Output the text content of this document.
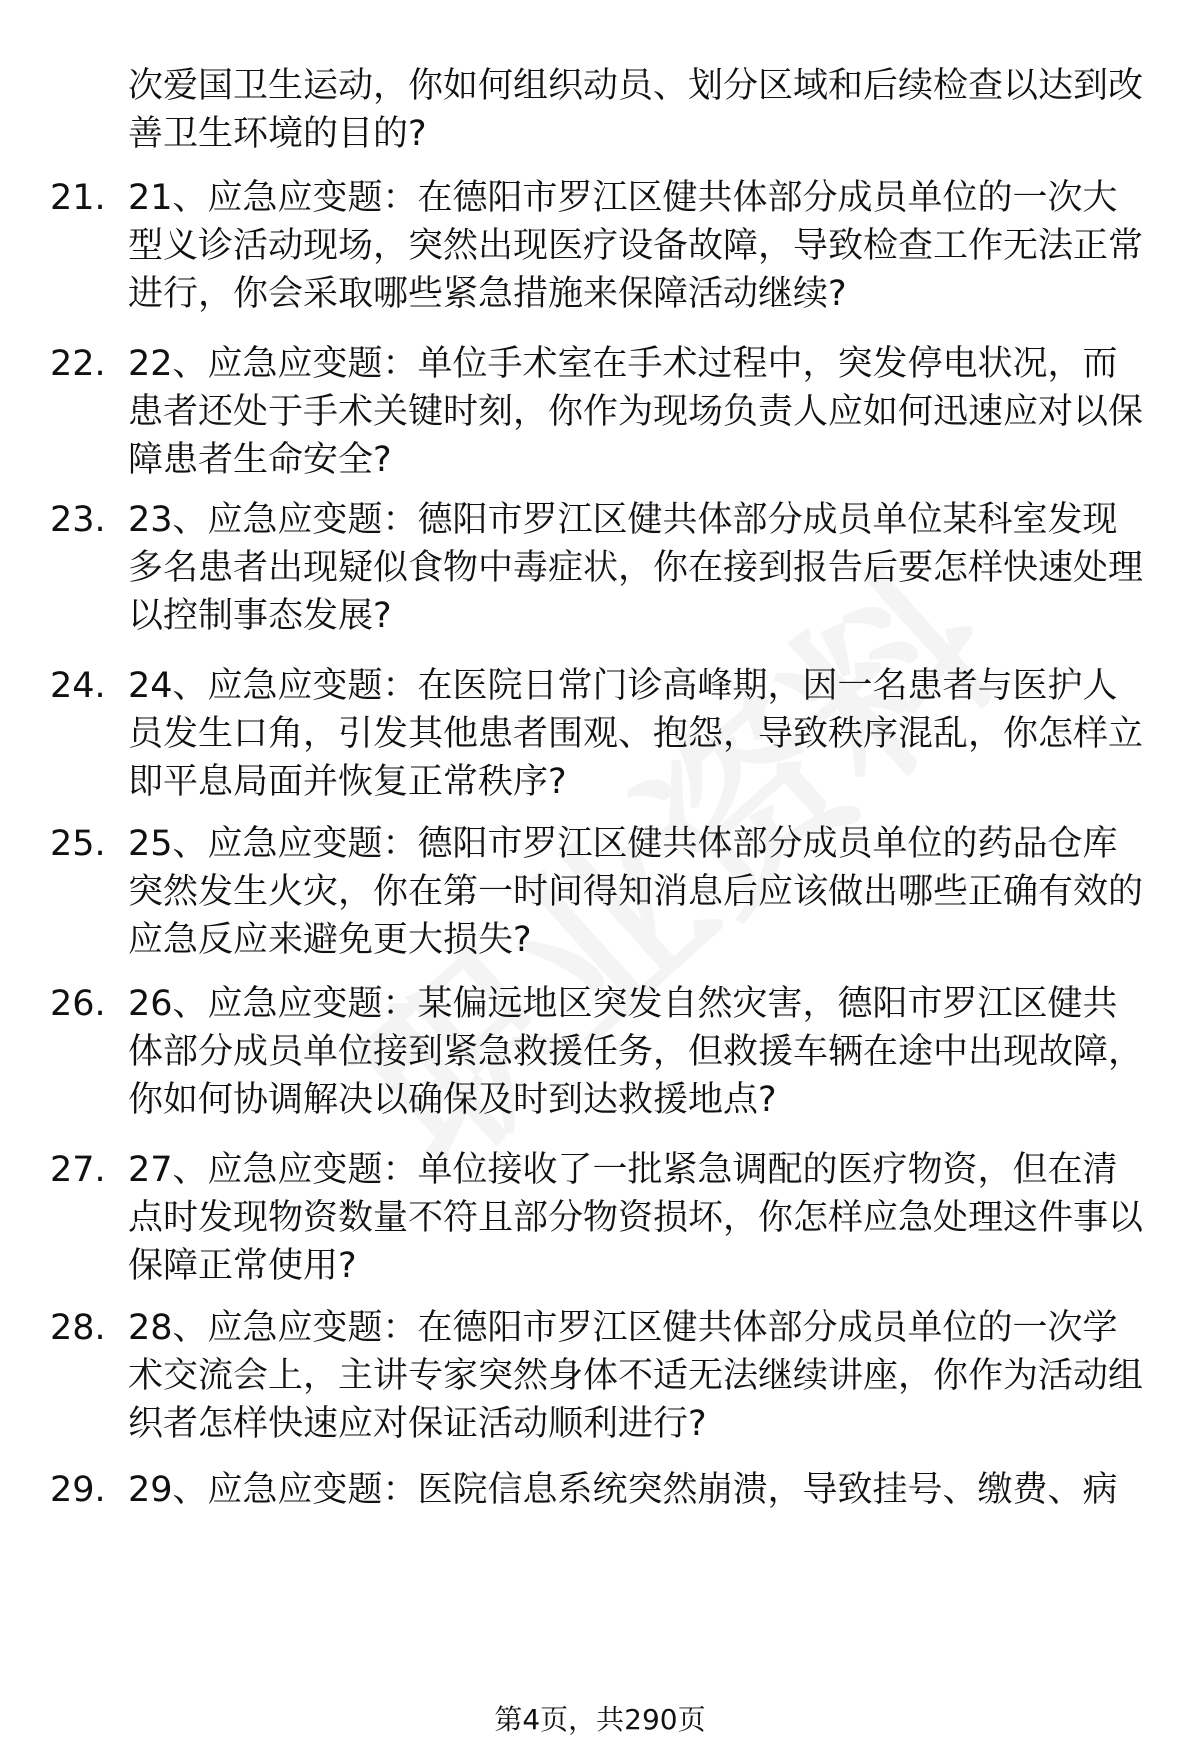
次爱国卫生运动，你如何组织动员、划分区域和后续检查以达到改善卫生环境的目的?
21. 21、应急应变题：在德阳市罗江区健共体部分成员单位的一次大型义诊活动现场，突然出现医疗设备故障，导致检查工作无法正常进行，你会采取哪些紧急措施来保障活动继续?
22. 22、应急应变题：单位手术室在手术过程中，突发停电状况，而患者还处于手术关键时刻，你作为现场负责人应如何迅速应对以保障患者生命安全?
23. 23、应急应变题：德阳市罗江区健共体部分成员单位某科室发现多名患者出现疑似食物中毒症状，你在接到报告后要怎样快速处理以控制事态发展?
24. 24、应急应变题：在医院日常门诊高峰期，因一名患者与医护人员发生口角，引发其他患者围观、抱怨，导致秩序混乱，你怎样立即平息局面并恢复正常秩序?
25. 25、应急应变题：德阳市罗江区健共体部分成员单位的药品仓库突然发生火灾，你在第一时间得知消息后应该做出哪些正确有效的应急反应来避免更大损失?
26. 26、应急应变题：某偏远地区突发自然灾害，德阳市罗江区健共体部分成员单位接到紧急救援任务，但救援车辆在途中出现故障，你如何协调解决以确保及时到达救援地点?
27. 27、应急应变题：单位接收了一批紧急调配的医疗物资，但在清点时发现物资数量不符且部分物资损坏，你怎样应急处理这件事以保障正常使用?
28. 28、应急应变题：在德阳市罗江区健共体部分成员单位的一次学术交流会上，主讲专家突然身体不适无法继续讲座，你作为活动组织者怎样快速应对保证活动顺利进行?
29. 29、应急应变题：医院信息系统突然崩溃，导致挂号、缴费、病
第4页，共290页
